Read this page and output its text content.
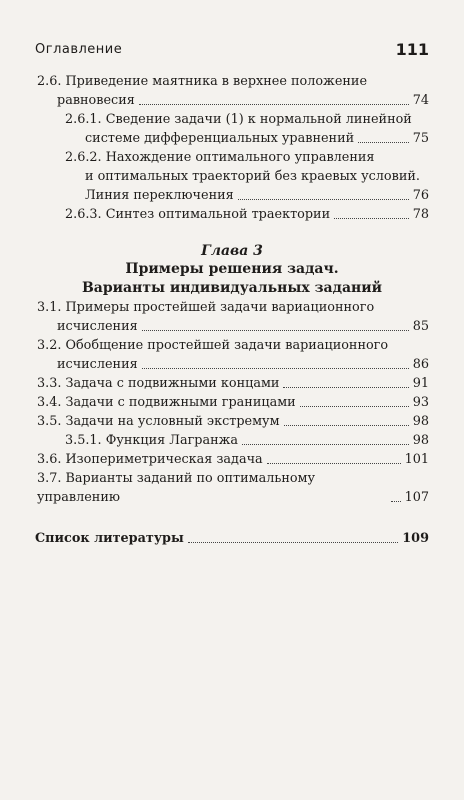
Оглавление	111
2.6. Приведение маятника в верхнее положение
равновесия	74
2.6.1. Сведение задачи (1) к нормальной линейной
системе дифференциальных уравнений	75
2.6.2. Нахождение оптимального управления
и оптимальных траекторий без краевых условий.
Линия переключения	76
2.6.3. Синтез оптимальной траектории	78
Глава 3
Примеры решения задач.
Варианты индивидуальных заданий
3.1. Примеры простейшей задачи вариационного
исчисления	85
3.2. Обобщение простейшей задачи вариационного
исчисления	86
3.3. Задача с подвижными концами	91
3.4. Задачи с подвижными границами	93
3.5. Задачи на условный экстремум	98
3.5.1. Функция Лагранжа	98
3.6. Изопериметрическая задача	101
3.7. Варианты заданий по оптимальному управлению	107
Список литературы	109
